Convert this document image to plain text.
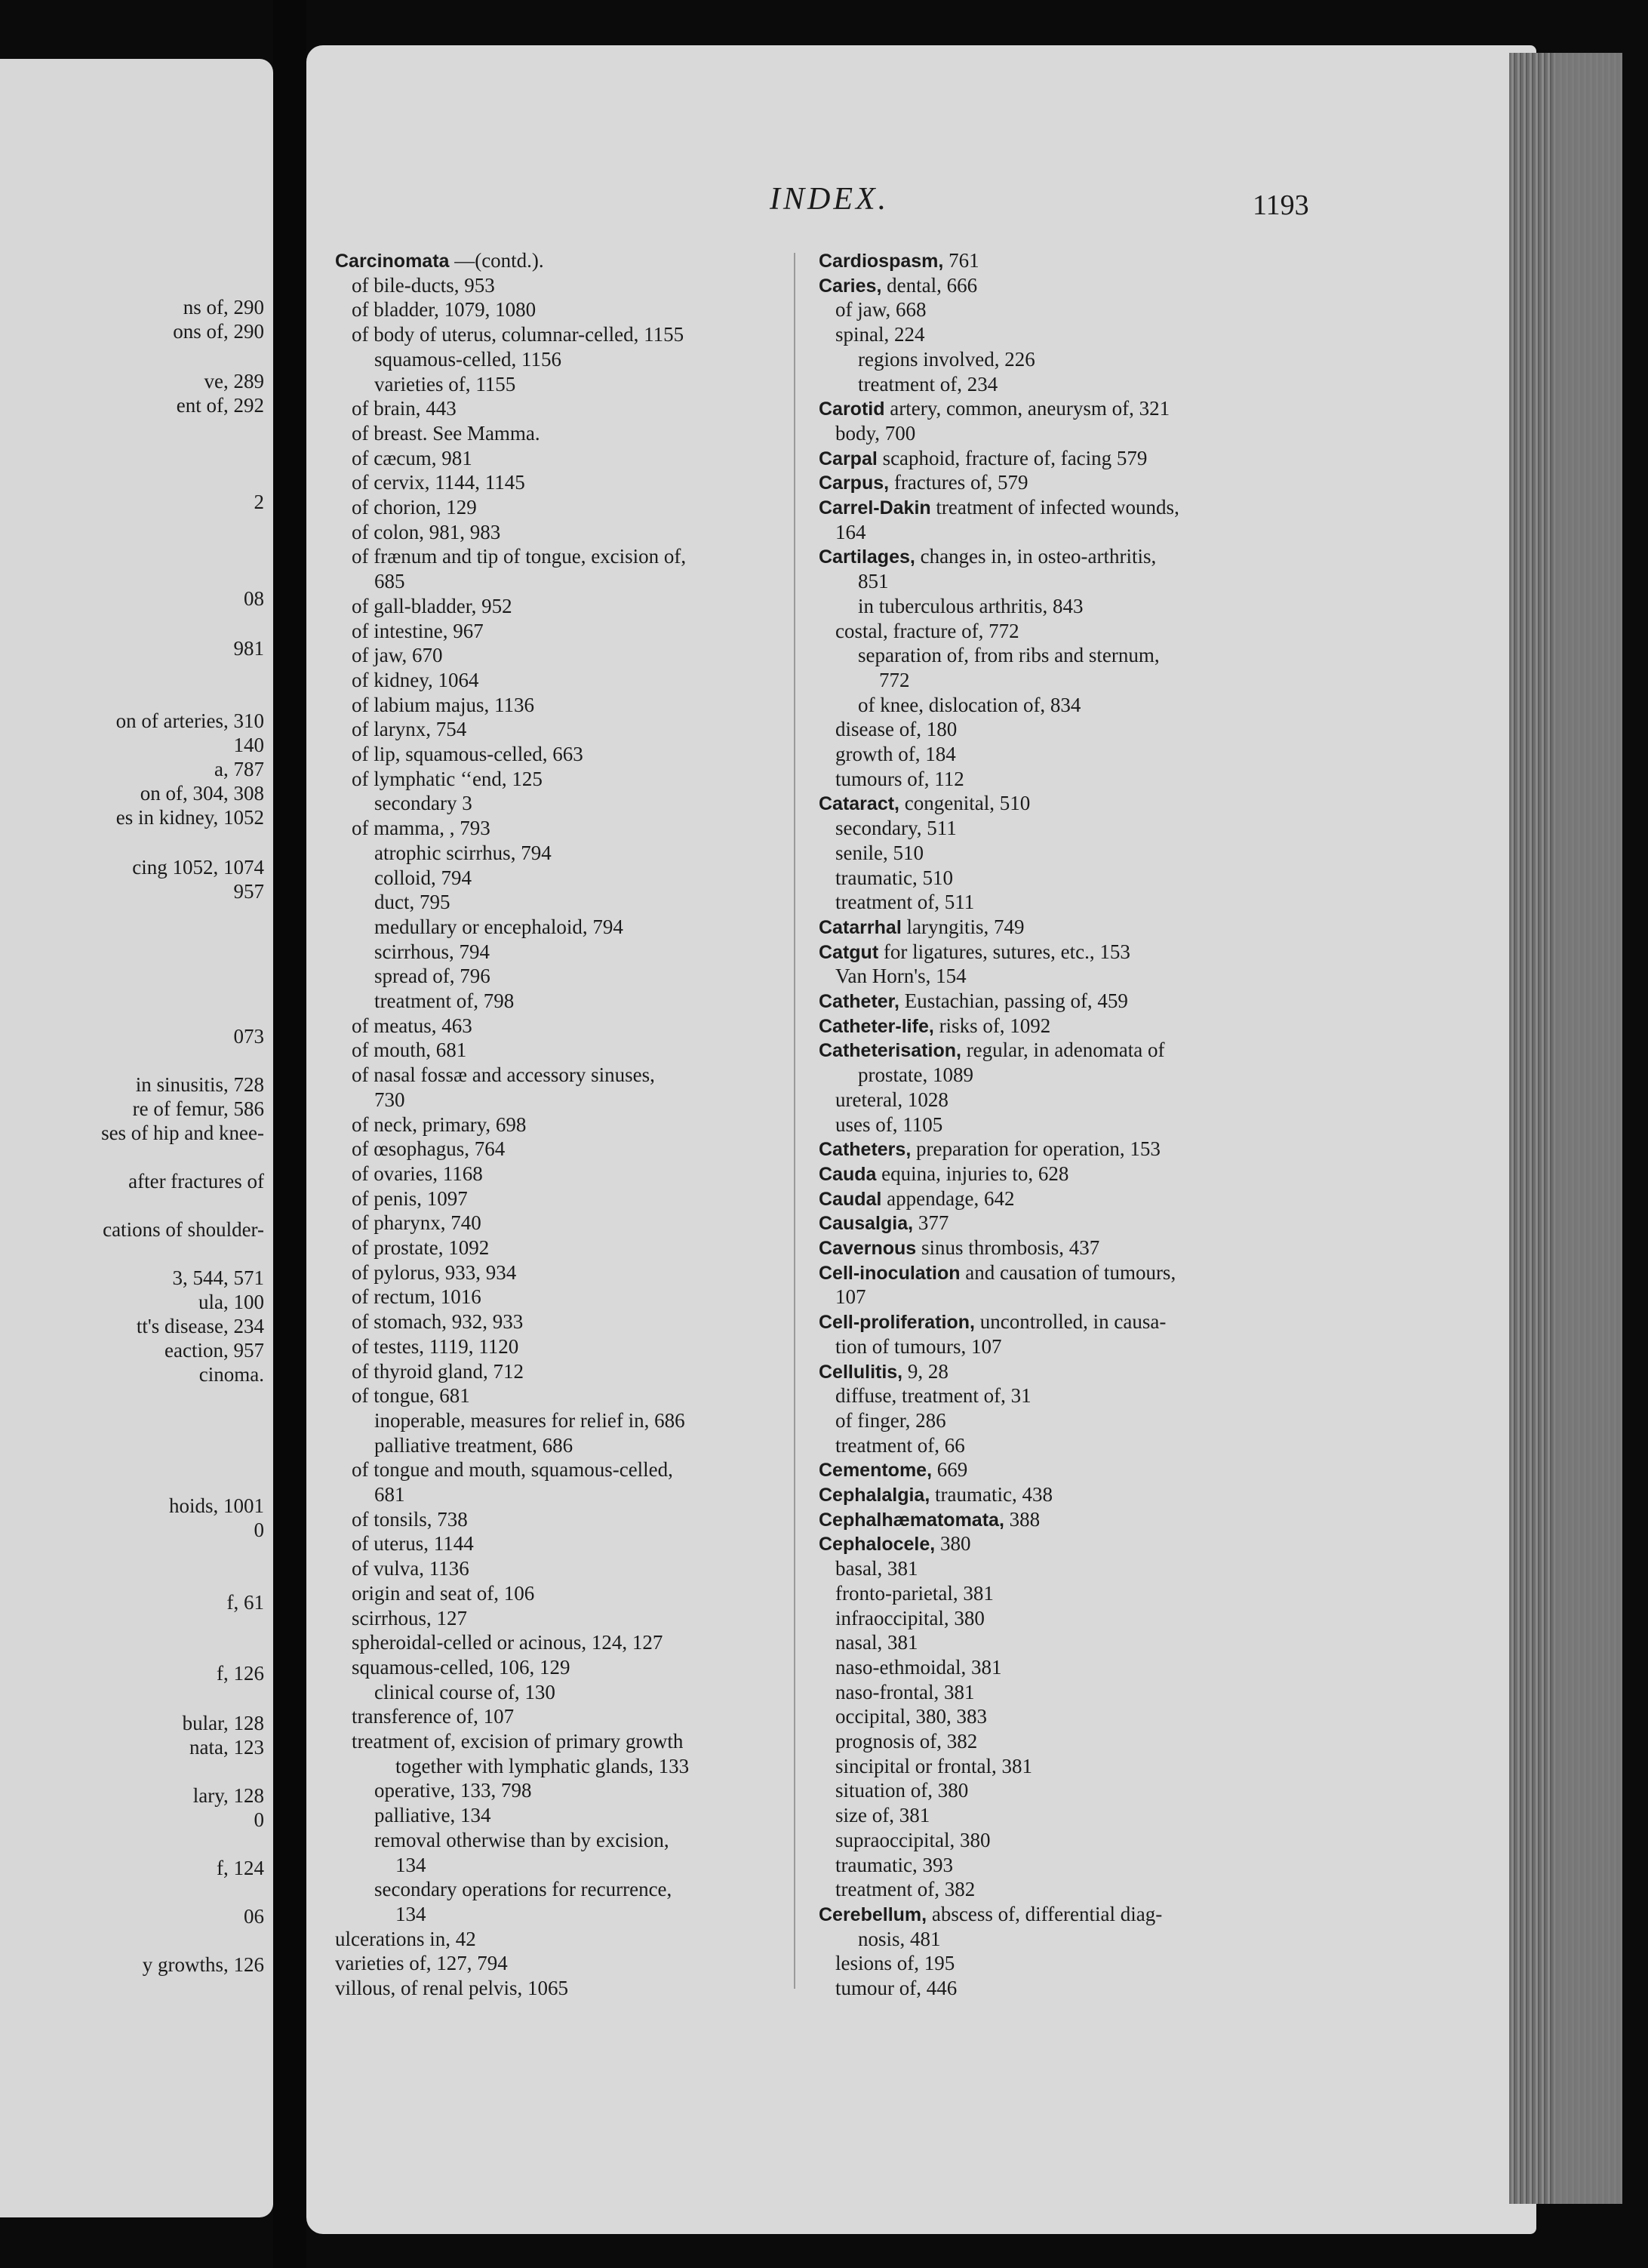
ns of, 290
ons of, 290
ve, 289
ent of, 292
2
08
981
on of arteries, 310
140
a, 787
on of, 304, 308
es in kidney, 1052
cing 1052, 1074
957
073
in sinusitis, 728
re of femur, 586
ses of hip and knee-
after fractures of
cations of shoulder-
3, 544, 571
ula, 100
tt's disease, 234
eaction, 957
cinoma.
hoids, 1001
0
f, 61
f, 126
bular, 128
nata, 123
lary, 128
0
f, 124
06
y growths, 126
INDEX.	1193
Carcinomata —(contd.).
of bile-ducts, 953
of bladder, 1079, 1080
of body of uterus, columnar-celled, 1155
squamous-celled, 1156
varieties of, 1155
of brain, 443
of breast. See Mamma.
of cæcum, 981
of cervix, 1144, 1145
of chorion, 129
of colon, 981, 983
of frænum and tip of tongue, excision of,
685
of gall-bladder, 952
of intestine, 967
of jaw, 670
of kidney, 1064
of labium majus, 1136
of larynx, 754
of lip, squamous-celled, 663
of lymphatic ‘‘end, 125
secondary 3
of mamma, , 793
atrophic scirrhus, 794
colloid, 794
duct, 795
medullary or encephaloid, 794
scirrhous, 794
spread of, 796
treatment of, 798
of meatus, 463
of mouth, 681
of nasal fossæ and accessory sinuses,
730
of neck, primary, 698
of œsophagus, 764
of ovaries, 1168
of penis, 1097
of pharynx, 740
of prostate, 1092
of pylorus, 933, 934
of rectum, 1016
of stomach, 932, 933
of testes, 1119, 1120
of thyroid gland, 712
of tongue, 681
inoperable, measures for relief in, 686
palliative treatment, 686
of tongue and mouth, squamous-celled,
681
of tonsils, 738
of uterus, 1144
of vulva, 1136
origin and seat of, 106
scirrhous, 127
spheroidal-celled or acinous, 124, 127
squamous-celled, 106, 129
clinical course of, 130
transference of, 107
treatment of, excision of primary growth
together with lymphatic glands, 133
operative, 133, 798
palliative, 134
removal otherwise than by excision,
134
secondary operations for recurrence,
134
ulcerations in, 42
varieties of, 127, 794
villous, of renal pelvis, 1065
Cardiospasm, 761
Caries, dental, 666
of jaw, 668
spinal, 224
regions involved, 226
treatment of, 234
Carotid artery, common, aneurysm of, 321
body, 700
Carpal scaphoid, fracture of, facing 579
Carpus, fractures of, 579
Carrel-Dakin treatment of infected wounds,
164
Cartilages, changes in, in osteo-arthritis,
851
in tuberculous arthritis, 843
costal, fracture of, 772
separation of, from ribs and sternum,
772
of knee, dislocation of, 834
disease of, 180
growth of, 184
tumours of, 112
Cataract, congenital, 510
secondary, 511
senile, 510
traumatic, 510
treatment of, 511
Catarrhal laryngitis, 749
Catgut for ligatures, sutures, etc., 153
Van Horn's, 154
Catheter, Eustachian, passing of, 459
Catheter-life, risks of, 1092
Catheterisation, regular, in adenomata of
prostate, 1089
ureteral, 1028
uses of, 1105
Catheters, preparation for operation, 153
Cauda equina, injuries to, 628
Caudal appendage, 642
Causalgia, 377
Cavernous sinus thrombosis, 437
Cell-inoculation and causation of tumours,
107
Cell-proliferation, uncontrolled, in causa-
tion of tumours, 107
Cellulitis, 9, 28
diffuse, treatment of, 31
of finger, 286
treatment of, 66
Cementome, 669
Cephalalgia, traumatic, 438
Cephalhæmatomata, 388
Cephalocele, 380
basal, 381
fronto-parietal, 381
infraoccipital, 380
nasal, 381
naso-ethmoidal, 381
naso-frontal, 381
occipital, 380, 383
prognosis of, 382
sincipital or frontal, 381
situation of, 380
size of, 381
supraoccipital, 380
traumatic, 393
treatment of, 382
Cerebellum, abscess of, differential diag-
nosis, 481
lesions of, 195
tumour of, 446
